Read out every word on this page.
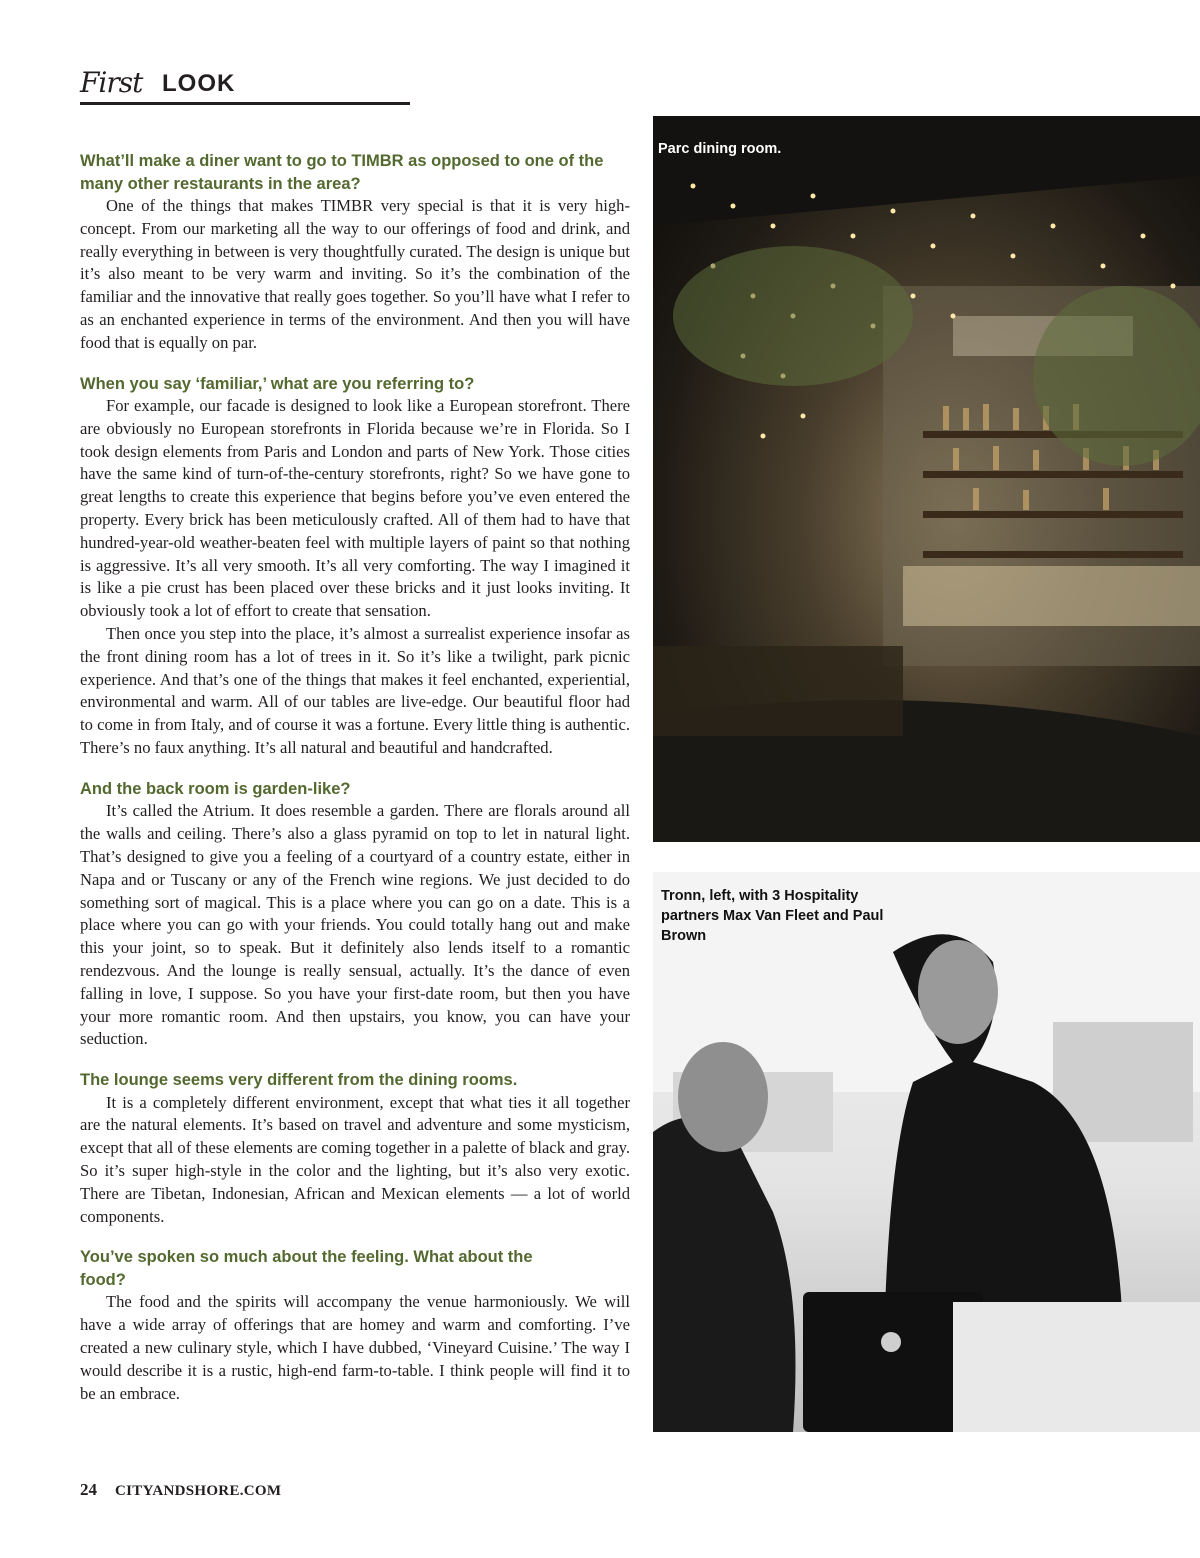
First LOOK

What’ll make a diner want to go to TIMBR as opposed to one of the many other restaurants in the area?

One of the things that makes TIMBR very special is that it is very high-concept. From our marketing all the way to our offerings of food and drink, and really everything in between is very thoughtfully curated. The design is unique but it’s also meant to be very warm and inviting. So it’s the combination of the familiar and the innovative that really goes together. So you’ll have what I refer to as an enchanted experience in terms of the environment. And then you will have food that is equally on par.

When you say ‘familiar,’ what are you referring to?

For example, our facade is designed to look like a European storefront. There are obviously no European storefronts in Florida because we’re in Florida. So I took design elements from Paris and London and parts of New York. Those cities have the same kind of turn-of-the-century storefronts, right? So we have gone to great lengths to create this experience that begins before you’ve even entered the property. Every brick has been meticulously crafted. All of them had to have that hundred-year-old weather-beaten feel with multiple layers of paint so that nothing is aggressive. It’s all very smooth. It’s all very comforting. The way I imagined it is like a pie crust has been placed over these bricks and it just looks inviting. It obviously took a lot of effort to create that sensation.

Then once you step into the place, it’s almost a surrealist experience insofar as the front dining room has a lot of trees in it. So it’s like a twilight, park picnic experience. And that’s one of the things that makes it feel enchanted, experiential, environmental and warm. All of our tables are live-edge. Our beautiful floor had to come in from Italy, and of course it was a fortune. Every little thing is authentic. There’s no faux anything. It’s all natural and beautiful and handcrafted.

And the back room is garden-like?

It’s called the Atrium. It does resemble a garden. There are florals around all the walls and ceiling. There’s also a glass pyramid on top to let in natural light. That’s designed to give you a feeling of a courtyard of a country estate, either in Napa and or Tuscany or any of the French wine regions. We just decided to do something sort of magical. This is a place where you can go on a date. This is a place where you can go with your friends. You could totally hang out and make this your joint, so to speak. But it definitely also lends itself to a romantic rendezvous. And the lounge is really sensual, actually. It’s the dance of even falling in love, I suppose. So you have your first-date room, but then you have your more romantic room. And then upstairs, you know, you can have your seduction.

The lounge seems very different from the dining rooms.

It is a completely different environment, except that what ties it all together are the natural elements. It’s based on travel and adventure and some mysticism, except that all of these elements are coming together in a palette of black and gray. So it’s super high-style in the color and the lighting, but it’s also very exotic. There are Tibetan, Indonesian, African and Mexican elements — a lot of world components.

You’ve spoken so much about the feeling. What about the food?

The food and the spirits will accompany the venue harmoniously. We will have a wide array of offerings that are homey and warm and comforting. I’ve created a new culinary style, which I have dubbed, ‘Vineyard Cuisine.’ The way I would describe it is a rustic, high-end farm-to-table. I think people will find it to be an embrace.

Parc dining room.
Tronn, left, with 3 Hospitality partners Max Van Fleet and Paul Brown
24 CITYANDSHORE.COM
